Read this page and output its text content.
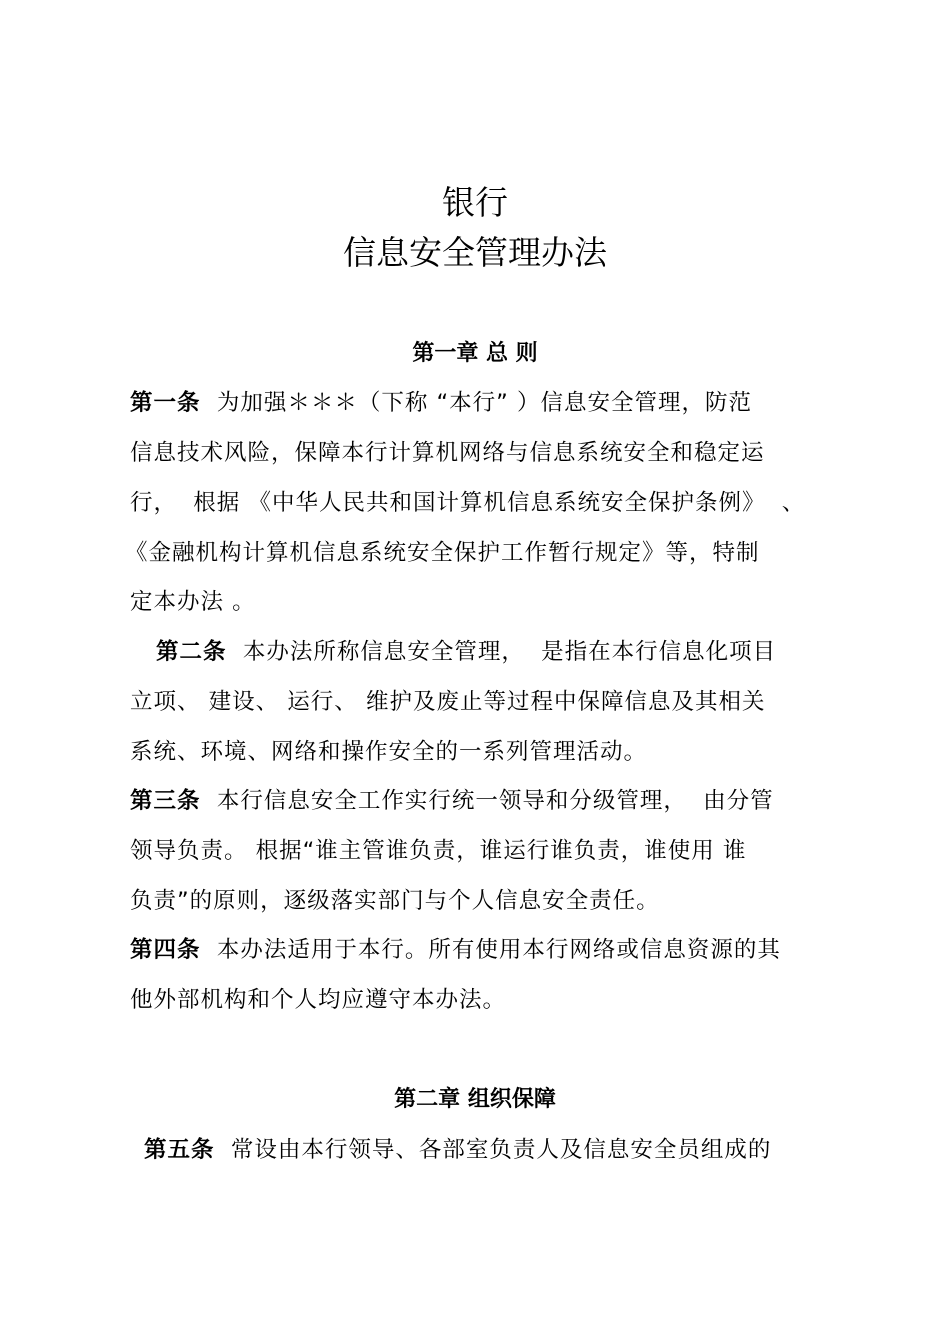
银行
信息安全管理办法
第一章 总 则
第一条  为加强＊＊＊（下称 “本行” ）信息安全管理，防范
信息技术风险，保障本行计算机网络与信息系统安全和稳定运
行，  根据 《中华人民共和国计算机信息系统安全保护条例》  、
《金融机构计算机信息系统安全保护工作暂行规定》等，特制
定本办法 。
第二条  本办法所称信息安全管理，  是指在本行信息化项目
立项、 建设、 运行、 维护及废止等过程中保障信息及其相关
系统、环境、网络和操作安全的一系列管理活动。
第三条  本行信息安全工作实行统一领导和分级管理，  由分管
领导负责。 根据“谁主管谁负责，谁运行谁负责，谁使用 谁
负责”的原则，逐级落实部门与个人信息安全责任。
第四条  本办法适用于本行。所有使用本行网络或信息资源的其
他外部机构和个人均应遵守本办法。
第二章 组织保障
第五条  常设由本行领导、各部室负责人及信息安全员组成的
